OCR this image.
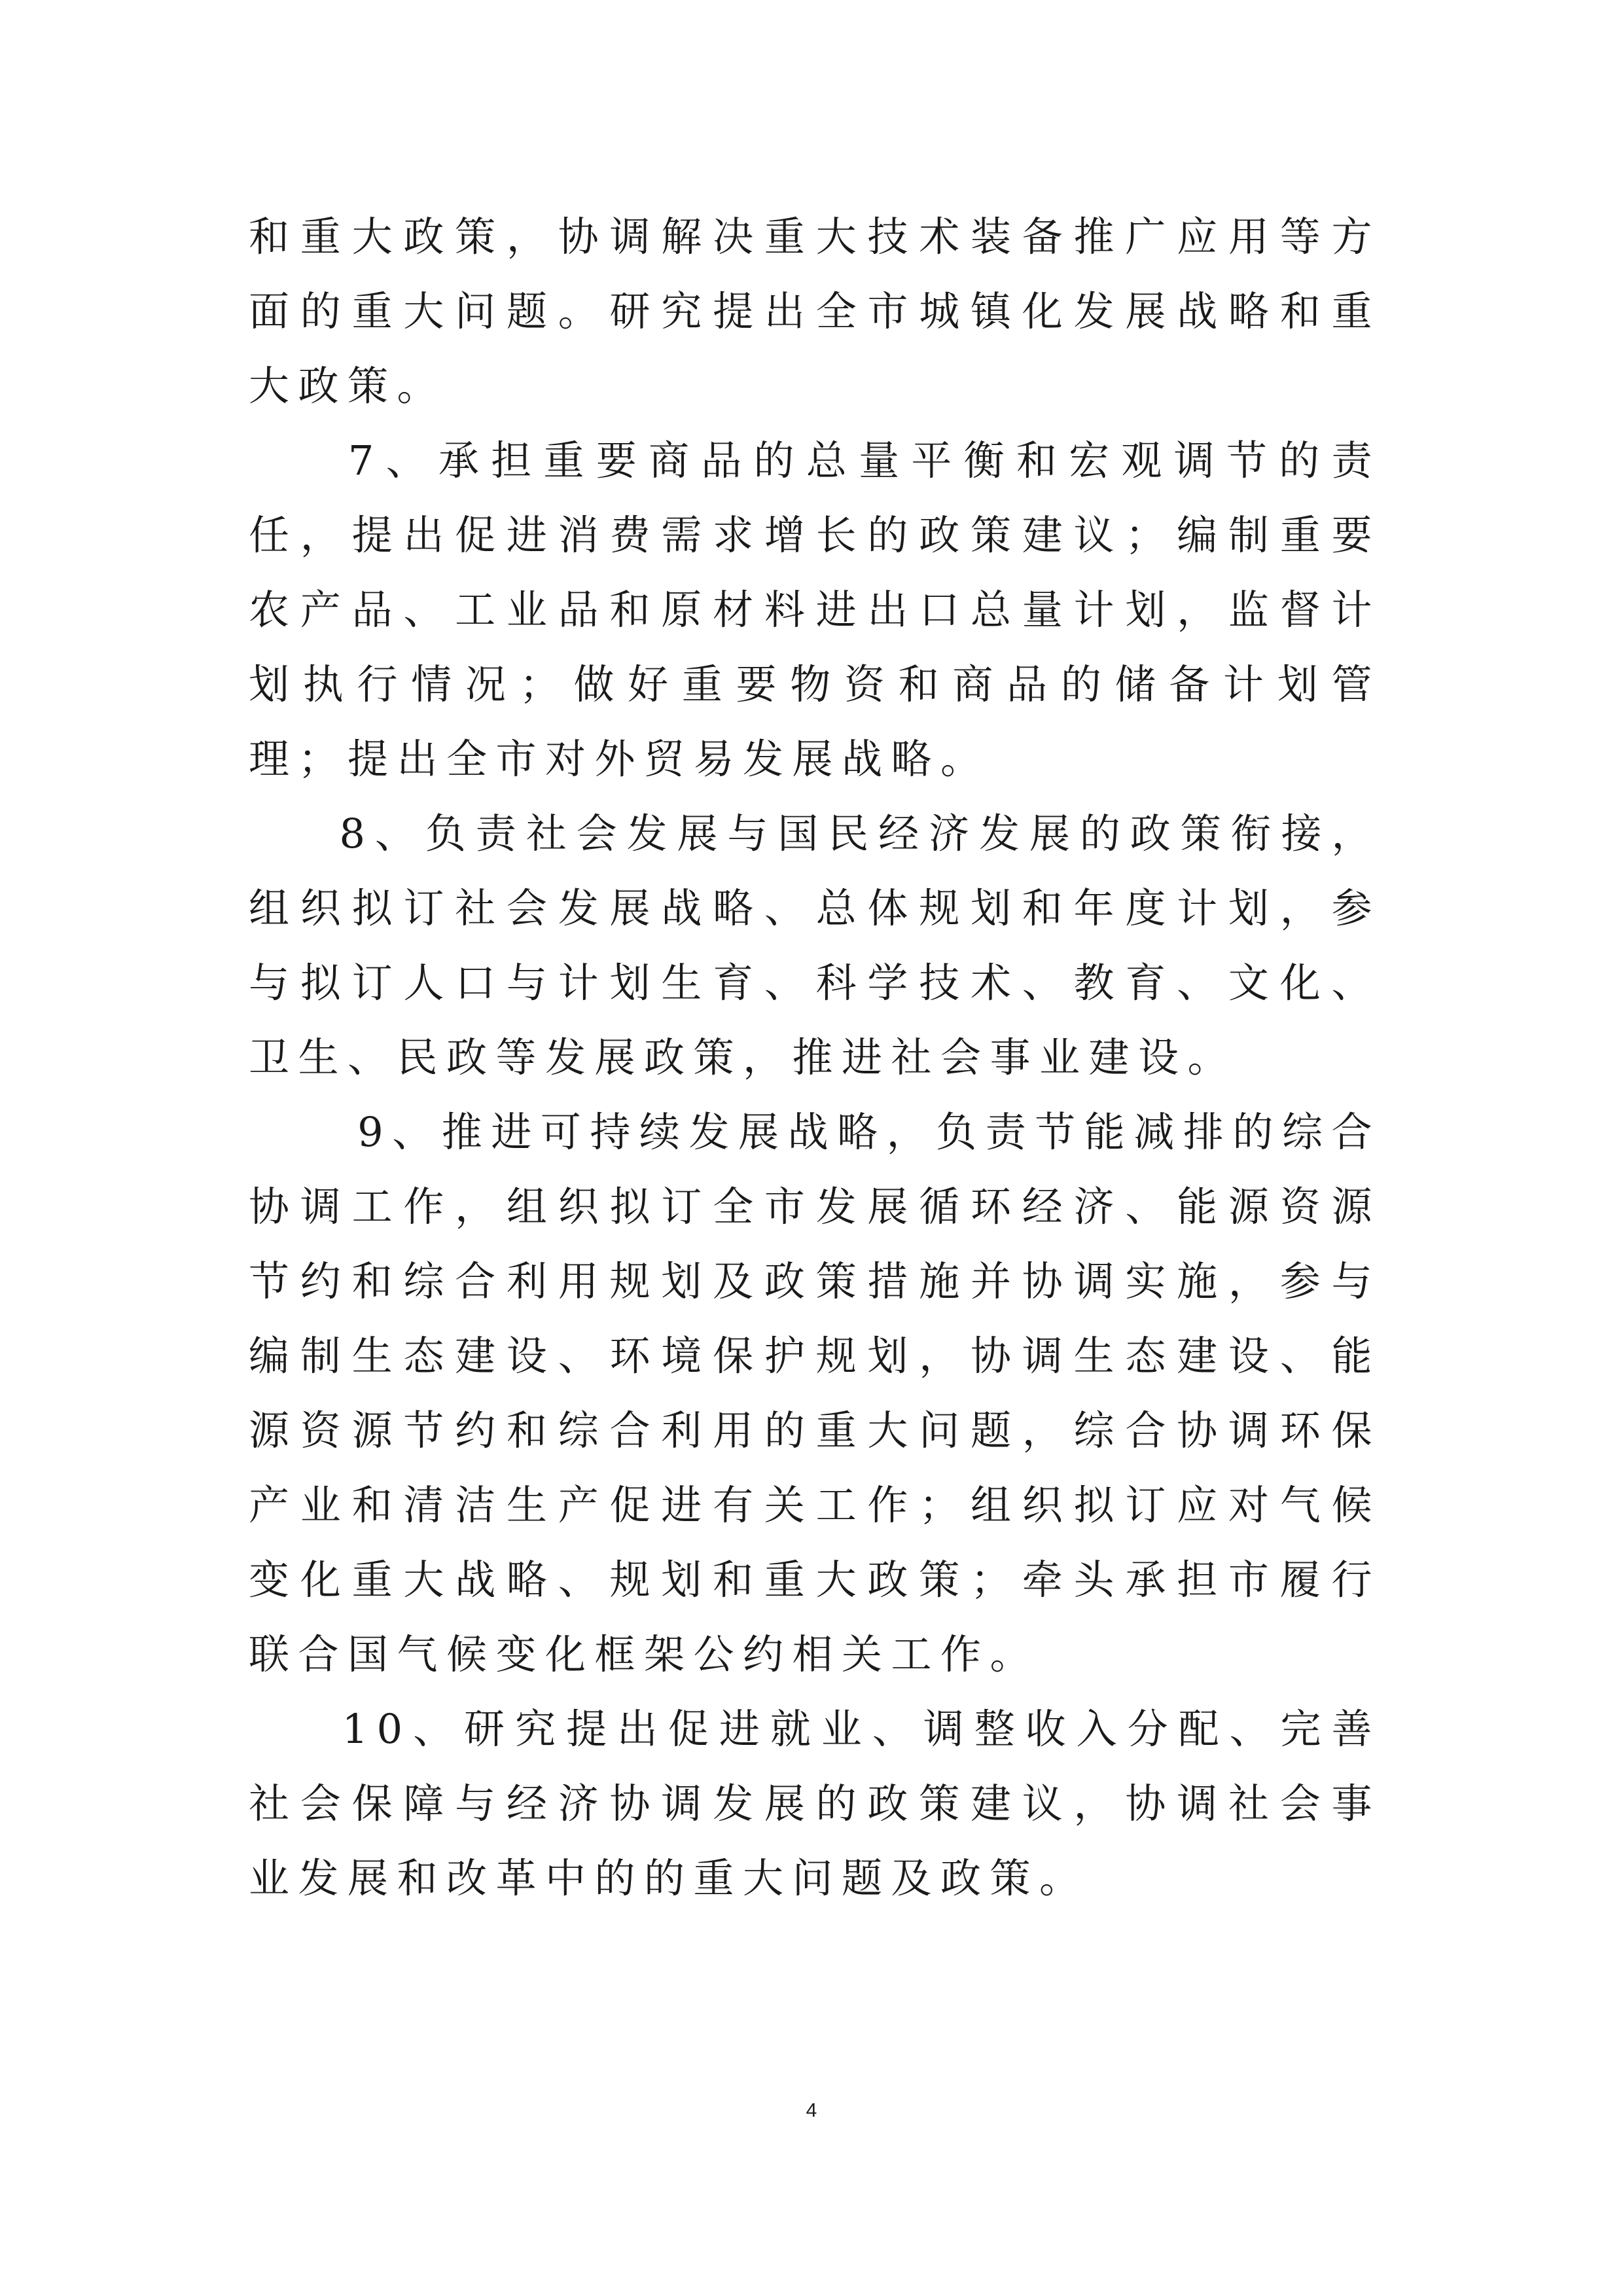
和重大政策，协调解决重大技术装备推广应用等方面的重大问题。研究提出全市城镇化发展战略和重大政策。

7、承担重要商品的总量平衡和宏观调节的责任，提出促进消费需求增长的政策建议；编制重要农产品、工业品和原材料进出口总量计划，监督计划执行情况；做好重要物资和商品的储备计划管理；提出全市对外贸易发展战略。

8、负责社会发展与国民经济发展的政策衔接，组织拟订社会发展战略、总体规划和年度计划，参与拟订人口与计划生育、科学技术、教育、文化、卫生、民政等发展政策，推进社会事业建设。

9、推进可持续发展战略，负责节能减排的综合协调工作，组织拟订全市发展循环经济、能源资源节约和综合利用规划及政策措施并协调实施，参与编制生态建设、环境保护规划，协调生态建设、能源资源节约和综合利用的重大问题，综合协调环保产业和清洁生产促进有关工作；组织拟订应对气候变化重大战略、规划和重大政策；牵头承担市履行联合国气候变化框架公约相关工作。

10、研究提出促进就业、调整收入分配、完善社会保障与经济协调发展的政策建议，协调社会事业发展和改革中的的重大问题及政策。

4
